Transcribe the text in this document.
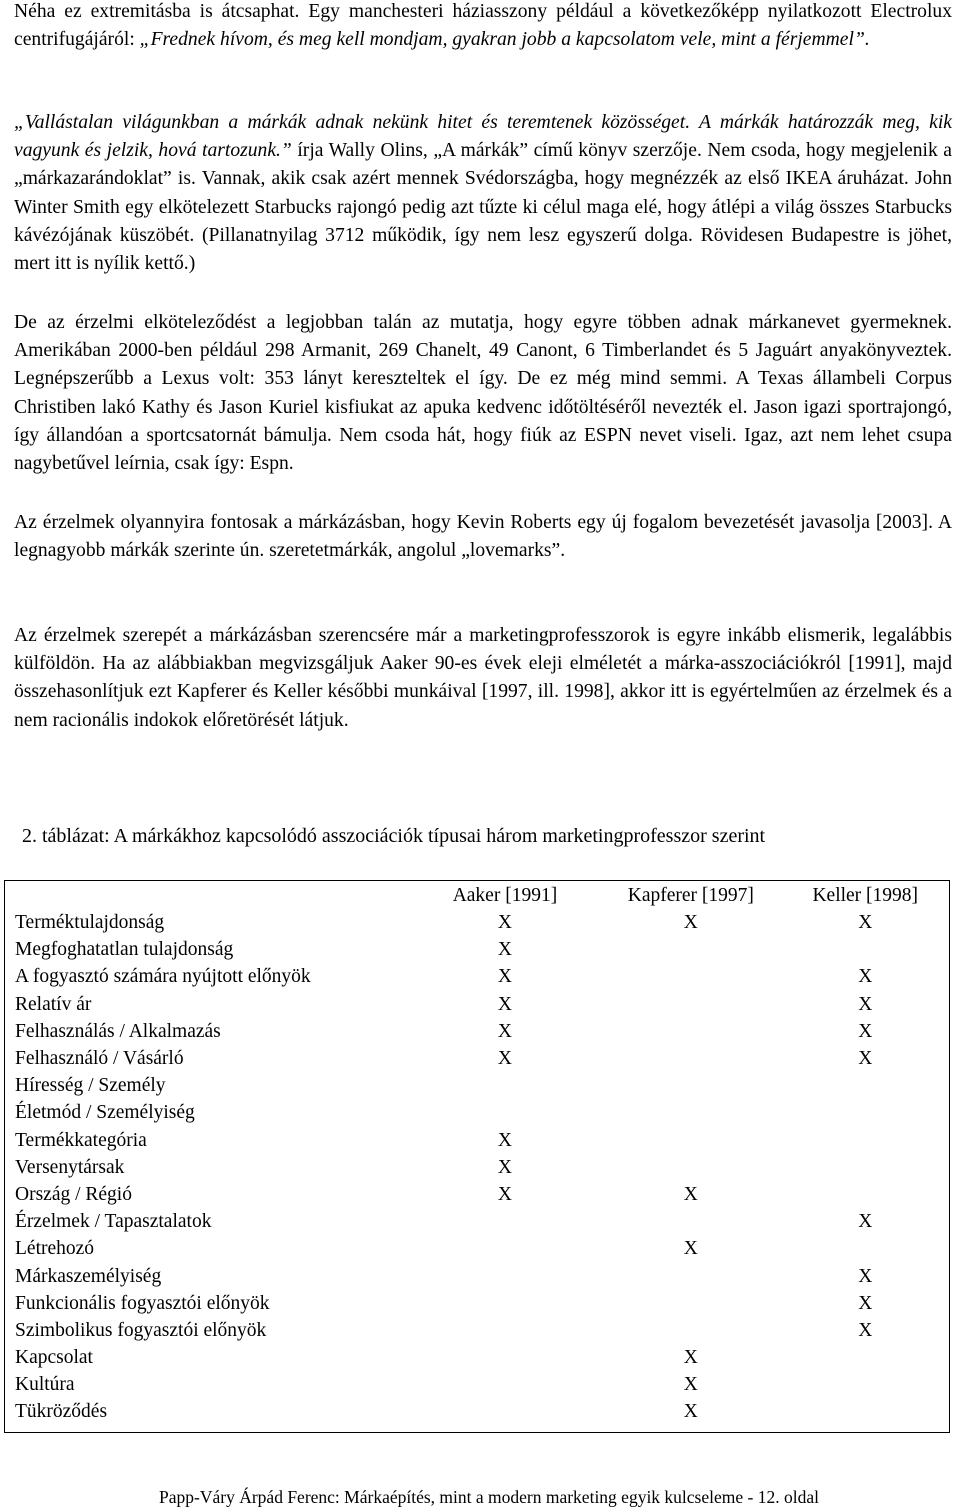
Néha ez extremitásba is átcsaphat. Egy manchesteri háziasszony például a következőképp nyilatkozott Electrolux centrifugájáról: „Frednek hívom, és meg kell mondjam, gyakran jobb a kapcsolatom vele, mint a férjemmel”.

„Vallástalan világunkban a márkák adnak nekünk hitet és teremtenek közösséget. A márkák határozzák meg, kik vagyunk és jelzik, hová tartozunk.” írja Wally Olins, „A márkák” című könyv szerzője. Nem csoda, hogy megjelenik a „márkazarándoklat” is. Vannak, akik csak azért mennek Svédországba, hogy megnézzék az első IKEA áruházat. John Winter Smith egy elkötelezett Starbucks rajongó pedig azt tűzte ki célul maga elé, hogy átlépi a világ összes Starbucks kávézójának küszöbét. (Pillanatnyilag 3712 működik, így nem lesz egyszerű dolga. Rövidesen Budapestre is jöhet, mert itt is nyílik kettő.)

De az érzelmi elköteleződést a legjobban talán az mutatja, hogy egyre többen adnak márkanevet gyermeknek. Amerikában 2000-ben például 298 Armanit, 269 Chanelt, 49 Canont, 6 Timberlandet és 5 Jaguárt anyakönyveztek. Legnépszerűbb a Lexus volt: 353 lányt kereszteltek el így. De ez még mind semmi. A Texas állambeli Corpus Christiben lakó Kathy és Jason Kuriel kisfiukat az apuka kedvenc időtöltéséről nevezték el. Jason igazi sportrajongó, így állandóan a sportcsatornát bámulja. Nem csoda hát, hogy fiúk az ESPN nevet viseli. Igaz, azt nem lehet csupa nagybetűvel leírnia, csak így: Espn.

Az érzelmek olyannyira fontosak a márkázásban, hogy Kevin Roberts egy új fogalom bevezetését javasolja [2003]. A legnagyobb márkák szerinte ún. szeretetmárkák, angolul „lovemarks”.

Az érzelmek szerepét a márkázásban szerencsére már a marketingprofesszorok is egyre inkább elismerik, legalábbis külföldön. Ha az alábbiakban megvizsgáljuk Aaker 90-es évek eleji elméletét a márka-asszociációkról [1991], majd összehasonlítjuk ezt Kapferer és Keller későbbi munkáival [1997, ill. 1998], akkor itt is egyértelműen az érzelmek és a nem racionális indokok előretörését látjuk.

2. táblázat: A márkákhoz kapcsolódó asszociációk típusai három marketingprofesszor szerint
	Aaker [1991]	Kapferer [1997]	Keller [1998]
Terméktulajdonság	X	X	X
Megfoghatatlan tulajdonság	X		
A fogyasztó számára nyújtott előnyök	X		X
Relatív ár	X		X
Felhasználás / Alkalmazás	X		X
Felhasználó / Vásárló	X		X
Híresség / Személy			
Életmód / Személyiség			
Termékkategória	X		
Versenytársak	X		
Ország / Régió	X	X	
Érzelmek / Tapasztalatok			X
Létrehozó		X	
Márkaszemélyiség			X
Funkcionális fogyasztói előnyök			X
Szimbolikus fogyasztói előnyök			X
Kapcsolat		X	
Kultúra		X	
Tükröződés		X	
Papp-Váry Árpád Ferenc: Márkaépítés, mint a modern marketing egyik kulcseleme - 12. oldal
